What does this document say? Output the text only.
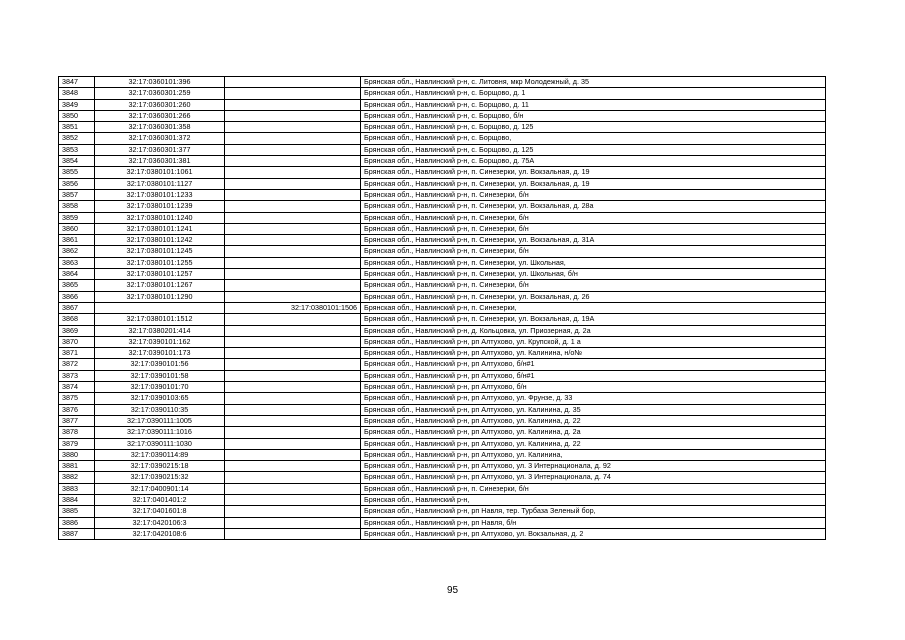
3847	32:17:0360101:396		Брянская обл., Навлинский р-н, с. Литовня, мкр Молодежный, д. 35
3848	32:17:0360301:259		Брянская обл., Навлинский р-н, с. Борщово, д. 1
3849	32:17:0360301:260		Брянская обл., Навлинский р-н, с. Борщово, д. 11
3850	32:17:0360301:266		Брянская обл., Навлинский р-н, с. Борщово, б/н
3851	32:17:0360301:358		Брянская обл., Навлинский р-н, с. Борщово, д. 125
3852	32:17:0360301:372		Брянская обл., Навлинский р-н, с. Борщово,
3853	32:17:0360301:377		Брянская обл., Навлинский р-н, с. Борщово, д. 125
3854	32:17:0360301:381		Брянская обл., Навлинский р-н, с. Борщово, д. 75А
3855	32:17:0380101:1061		Брянская обл., Навлинский р-н, п. Синезерки, ул. Вокзальная, д. 19
3856	32:17:0380101:1127		Брянская обл., Навлинский р-н, п. Синезерки, ул. Вокзальная, д. 19
3857	32:17:0380101:1233		Брянская обл., Навлинский р-н, п. Синезерки, б/н
3858	32:17:0380101:1239		Брянская обл., Навлинский р-н, п. Синезерки, ул. Вокзальная, д. 28а
3859	32:17:0380101:1240		Брянская обл., Навлинский р-н, п. Синезерки, б/н
3860	32:17:0380101:1241		Брянская обл., Навлинский р-н, п. Синезерки, б/н
3861	32:17:0380101:1242		Брянская обл., Навлинский р-н, п. Синезерки, ул. Вокзальная, д. 31А
3862	32:17:0380101:1245		Брянская обл., Навлинский р-н, п. Синезерки, б/н
3863	32:17:0380101:1255		Брянская обл., Навлинский р-н, п. Синезерки, ул. Школьная,
3864	32:17:0380101:1257		Брянская обл., Навлинский р-н, п. Синезерки, ул. Школьная, б/н
3865	32:17:0380101:1267		Брянская обл., Навлинский р-н, п. Синезерки, б/н
3866	32:17:0380101:1290		Брянская обл., Навлинский р-н, п. Синезерки, ул. Вокзальная, д. 26
3867		32:17:0380101:1506	Брянская обл., Навлинский р-н, п. Синезерки,
3868	32:17:0380101:1512		Брянская обл., Навлинский р-н, п. Синезерки, ул. Вокзальная, д. 19А
3869	32:17:0380201:414		Брянская обл., Навлинский р-н, д. Кольцовка, ул. Приозерная, д. 2а
3870	32:17:0390101:162		Брянская обл., Навлинский р-н, рп Алтухово, ул. Крупской, д. 1 а
3871	32:17:0390101:173		Брянская обл., Навлинский р-н, рп Алтухово, ул. Калинина, н/о№
3872	32:17:0390101:56		Брянская обл., Навлинский р-н, рп Алтухово, б/н#1
3873	32:17:0390101:58		Брянская обл., Навлинский р-н, рп Алтухово, б/н#1
3874	32:17:0390101:70		Брянская обл., Навлинский р-н, рп Алтухово, б/н
3875	32:17:0390103:65		Брянская обл., Навлинский р-н, рп Алтухово, ул. Фрунзе, д. 33
3876	32:17:0390110:35		Брянская обл., Навлинский р-н, рп Алтухово, ул. Калинина, д. 35
3877	32:17:0390111:1005		Брянская обл., Навлинский р-н, рп Алтухово, ул. Калинина, д. 22
3878	32:17:0390111:1016		Брянская обл., Навлинский р-н, рп Алтухово, ул. Калинина, д. 2а
3879	32:17:0390111:1030		Брянская обл., Навлинский р-н, рп Алтухово, ул. Калинина, д. 22
3880	32:17:0390114:89		Брянская обл., Навлинский р-н, рп Алтухово, ул. Калинина,
3881	32:17:0390215:18		Брянская обл., Навлинский р-н, рп Алтухово, ул. 3 Интернационала, д. 92
3882	32:17:0390215:32		Брянская обл., Навлинский р-н, рп Алтухово, ул. 3 Интернационала, д. 74
3883	32:17:0400901:14		Брянская обл., Навлинский р-н, п. Синезерки, б/н
3884	32:17:0401401:2		Брянская обл., Навлинский р-н,
3885	32:17:0401601:8		Брянская обл., Навлинский р-н, рп Навля, тер. Турбаза Зеленый бор,
3886	32:17:0420106:3		Брянская обл., Навлинский р-н, рп Навля, б/н
3887	32:17:0420108:6		Брянская обл., Навлинский р-н, рп Алтухово, ул. Вокзальная, д. 2
95
